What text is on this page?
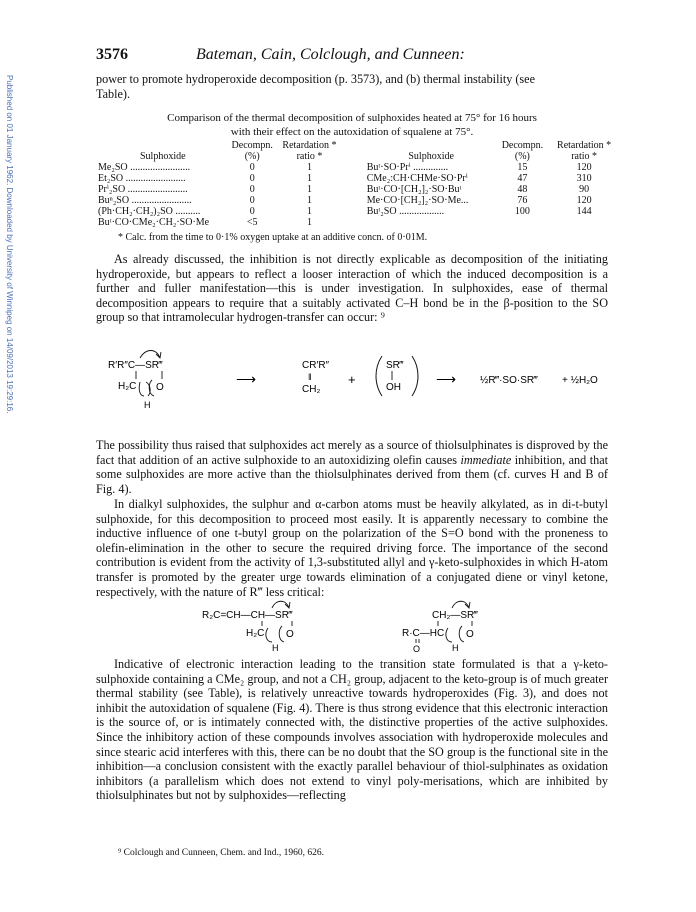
Published on 01 January 1962. Downloaded by University of Winnipeg on 14/09/2013 19:29:16.
3576	Bateman, Cain, Colclough, and Cunneen:

power to promote hydroperoxide decomposition (p. 3573), and (b) thermal instability (see
Table).

Comparison of the thermal decomposition of sulphoxides heated at 75° for 16 hours
with their effect on the autoxidation of squalene at 75°.

	Decompn.	Retardation *			Decompn.	Retardation *
Sulphoxide	(%)	ratio *		Sulphoxide	(%)	ratio *
Me₂SO ........................	0	1		Buᵗ·SO·Prⁱ ..............	15	120
Et₂SO ........................	0	1		CMe₂:CH·CHMe·SO·Prⁱ	47	310
Prⁱ₂SO ........................	0	1		Buᵗ·CO·[CH₂]₂·SO·Buᵗ	48	90
Buⁿ₂SO ........................	0	1		Me·CO·[CH₂]₂·SO·Me...	76	120
(Ph·CH₂·CH₂)₂SO ..........	0	1		Buᵗ₂SO ..................	100	144
Buᵗ·CO·CMe₂·CH₂·SO·Me	<5	1				
* Calc. from the time to 0·1% oxygen uptake at an additive concn. of 0·01M.

As already discussed, the inhibition is not directly explicable as decomposition of the initiating hydroperoxide, but appears to reflect a looser interaction of which the induced decomposition is a further and fuller manifestation—this is under investigation. In sulphoxides, ease of thermal decomposition appears to require that a suitably activated C–H bond be in the β-position to the SO group so that intramolecular hydrogen-transfer can occur: ⁹

R′R″C—SR‴
H₂C O
H
⟶
CR′R″
‖
CH₂
+
SR‴
OH
⟶ ½R‴·SO·SR‴ + ½H₂O

The possibility thus raised that sulphoxides act merely as a source of thiolsulphinates is disproved by the fact that addition of an active sulphoxide to an autoxidizing olefin causes immediate inhibition, and that some sulphoxides are more active than the thiolsulphinates derived from them (cf. curves H and B of Fig. 4).

In dialkyl sulphoxides, the sulphur and α-carbon atoms must be heavily alkylated, as in di-t-butyl sulphoxide, for this decomposition to proceed most easily. It is apparently necessary to combine the inductive influence of one t-butyl group on the polarization of the S=O bond with the proneness to olefin-elimination in the other to secure the required driving force. The importance of the second contribution is evident from the activity of 1,3-substituted allyl and γ-keto-sulphoxides in which H-atom transfer is promoted by the greater urge towards elimination of a conjugated diene or vinyl ketone, respectively, with the nature of R‴ less critical:

R₂C=CH—CH—SR‴
H₂C O
H
CH₂—SR‴
R·C—HC O
O	H

Indicative of electronic interaction leading to the transition state formulated is that a γ-keto-sulphoxide containing a CMe₂ group, and not a CH₂ group, adjacent to the keto-group is of much greater thermal stability (see Table), is relatively unreactive towards hydroperoxides (Fig. 3), and does not inhibit the autoxidation of squalene (Fig. 4). There is thus strong evidence that this electronic interaction is the source of, or is intimately connected with, the distinctive properties of the active sulphoxides. Since the inhibitory action of these compounds involves association with hydroperoxide molecules and since stearic acid interferes with this, there can be no doubt that the SO group is the functional site in the inhibition—a conclusion consistent with the exactly parallel behaviour of thiol-sulphinates as oxidation inhibitors (a parallelism which does not extend to vinyl poly-merisations, which are inhibited by thiolsulphinates but not by sulphoxides—reflecting

⁹ Colclough and Cunneen, Chem. and Ind., 1960, 626.
